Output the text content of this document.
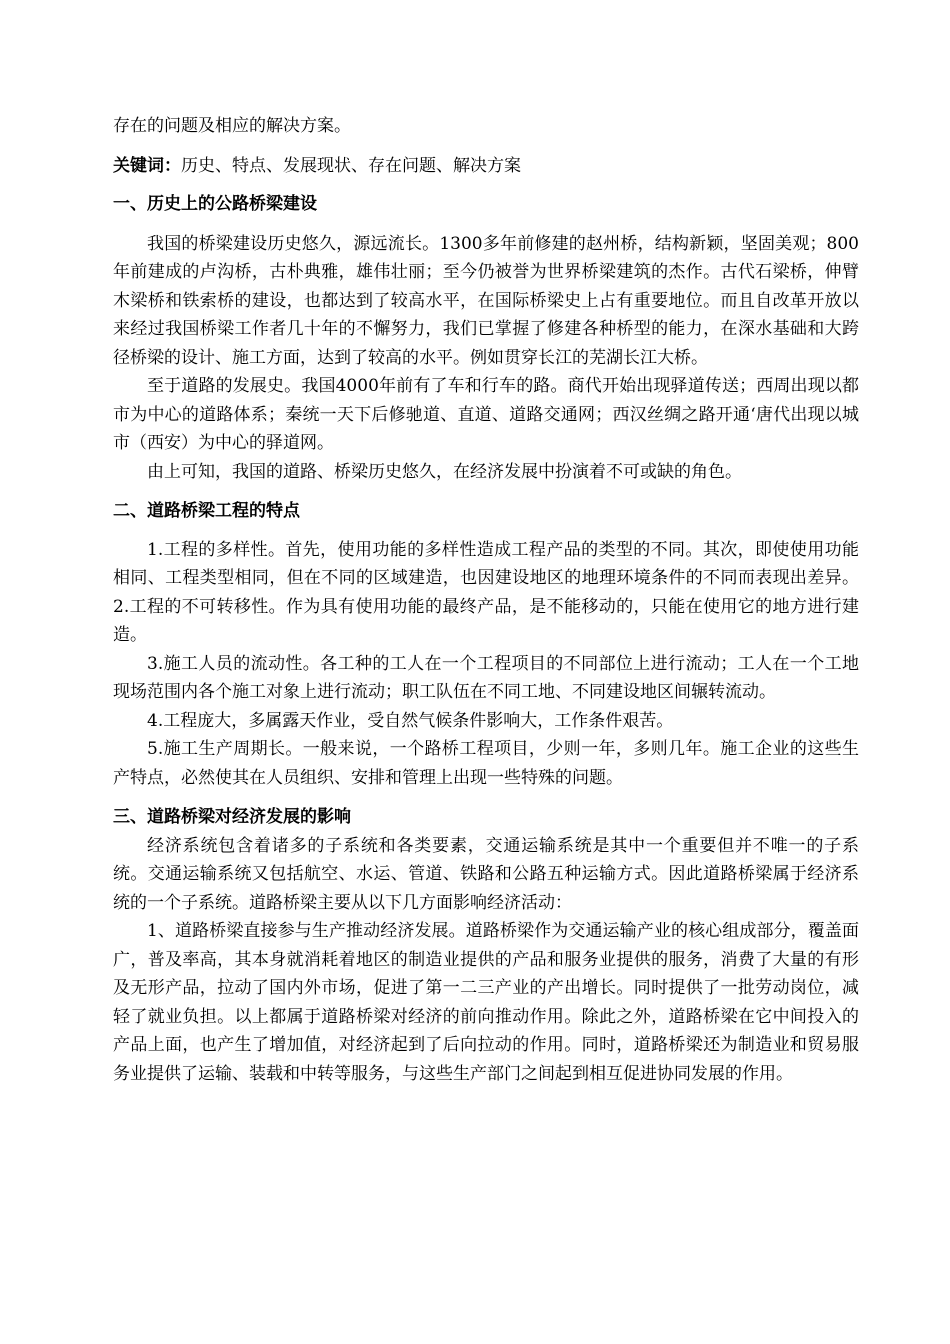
存在的问题及相应的解决方案。

关键词：历史、特点、发展现状、存在问题、解决方案

一、历史上的公路桥梁建设

我国的桥梁建设历史悠久，源远流长。1300多年前修建的赵州桥，结构新颖，坚固美观；800年前建成的卢沟桥，古朴典雅，雄伟壮丽；至今仍被誉为世界桥梁建筑的杰作。古代石梁桥，伸臂木梁桥和铁索桥的建设，也都达到了较高水平，在国际桥梁史上占有重要地位。而且自改革开放以来经过我国桥梁工作者几十年的不懈努力，我们已掌握了修建各种桥型的能力，在深水基础和大跨径桥梁的设计、施工方面，达到了较高的水平。例如贯穿长江的芜湖长江大桥。

至于道路的发展史。我国4000年前有了车和行车的路。商代开始出现驿道传送；西周出现以都市为中心的道路体系；秦统一天下后修驰道、直道、道路交通网；西汉丝绸之路开通‘唐代出现以城市（西安）为中心的驿道网。

由上可知，我国的道路、桥梁历史悠久，在经济发展中扮演着不可或缺的角色。

二、道路桥梁工程的特点

1.工程的多样性。首先，使用功能的多样性造成工程产品的类型的不同。其次，即使使用功能相同、工程类型相同，但在不同的区域建造，也因建设地区的地理环境条件的不同而表现出差异。 2.工程的不可转移性。作为具有使用功能的最终产品，是不能移动的，只能在使用它的地方进行建造。

3.施工人员的流动性。各工种的工人在一个工程项目的不同部位上进行流动；工人在一个工地现场范围内各个施工对象上进行流动；职工队伍在不同工地、不同建设地区间辗转流动。

4.工程庞大，多属露天作业，受自然气候条件影响大，工作条件艰苦。

5.施工生产周期长。一般来说，一个路桥工程项目，少则一年，多则几年。施工企业的这些生产特点，必然使其在人员组织、安排和管理上出现一些特殊的问题。

三、道路桥梁对经济发展的影响

经济系统包含着诸多的子系统和各类要素，交通运输系统是其中一个重要但并不唯一的子系统。交通运输系统又包括航空、水运、管道、铁路和公路五种运输方式。因此道路桥梁属于经济系统的一个子系统。道路桥梁主要从以下几方面影响经济活动：

1、道路桥梁直接参与生产推动经济发展。道路桥梁作为交通运输产业的核心组成部分，覆盖面广，普及率高，其本身就消耗着地区的制造业提供的产品和服务业提供的服务，消费了大量的有形及无形产品，拉动了国内外市场，促进了第一二三产业的产出增长。同时提供了一批劳动岗位，减轻了就业负担。以上都属于道路桥梁对经济的前向推动作用。除此之外，道路桥梁在它中间投入的产品上面，也产生了增加值，对经济起到了后向拉动的作用。同时，道路桥梁还为制造业和贸易服务业提供了运输、装载和中转等服务，与这些生产部门之间起到相互促进协同发展的作用。
